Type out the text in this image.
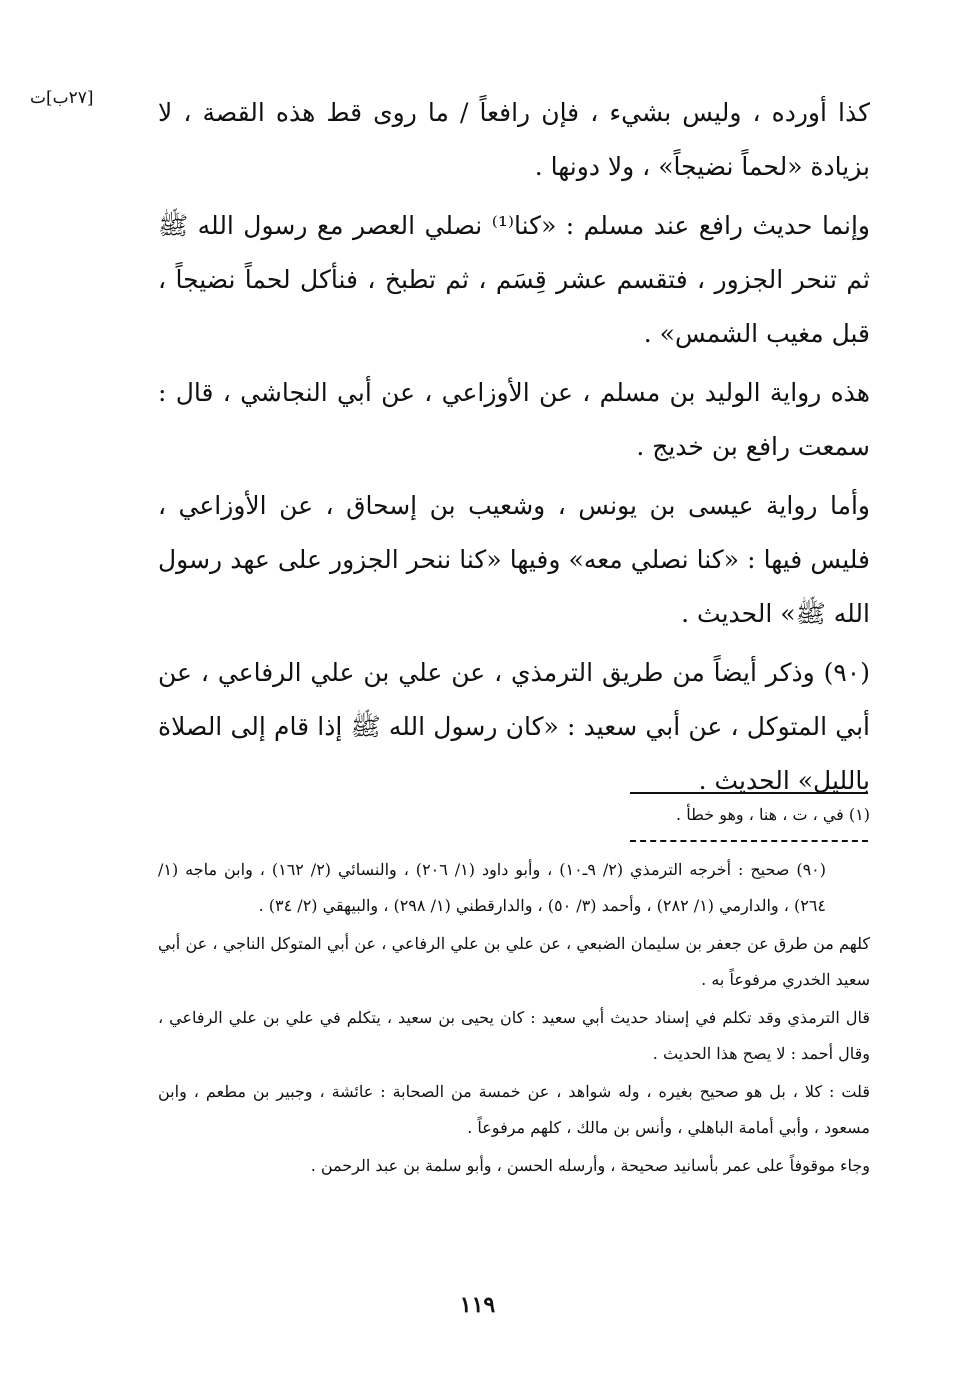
[٢٧ب]ت	كذا أورده ، وليس بشيء ، فإن رافعاً / ما روى قط هذه القصة ، لا بزيادة «لحماً نضيجاً» ، ولا دونها .

وإنما حديث رافع عند مسلم : «كنا⁽¹⁾ نصلي العصر مع رسول الله ﷺ ثم تنحر الجزور ، فتقسم عشر قِسَم ، ثم تطبخ ، فنأكل لحماً نضيجاً ، قبل مغيب الشمس» .

هذه رواية الوليد بن مسلم ، عن الأوزاعي ، عن أبي النجاشي ، قال : سمعت رافع بن خديج .

وأما رواية عيسى بن يونس ، وشعيب بن إسحاق ، عن الأوزاعي ، فليس فيها : «كنا نصلي معه» وفيها «كنا ننحر الجزور على عهد رسول الله ﷺ» الحديث .

(٩٠) وذكر أيضاً من طريق الترمذي ، عن علي بن علي الرفاعي ، عن أبي المتوكل ، عن أبي سعيد : «كان رسول الله ﷺ إذا قام إلى الصلاة بالليل» الحديث .

(١) في ، ت ، هنا ، وهو خطأ .

(٩٠) صحيح : أخرجه الترمذي (٢/ ٩ـ١٠) ، وأبو داود (١/ ٢٠٦) ، والنسائي (٢/ ١٦٢) ، وابن ماجه (١/ ٢٦٤) ، والدارمي (١/ ٢٨٢) ، وأحمد (٣/ ٥٠) ، والدارقطني (١/ ٢٩٨) ، والبيهقي (٢/ ٣٤) .

كلهم من طرق عن جعفر بن سليمان الضبعي ، عن علي بن علي الرفاعي ، عن أبي المتوكل الناجي ، عن أبي سعيد الخدري مرفوعاً به .

قال الترمذي وقد تكلم في إسناد حديث أبي سعيد : كان يحيى بن سعيد ، يتكلم في علي بن علي الرفاعي ، وقال أحمد : لا يصح هذا الحديث .

قلت : كلا ، بل هو صحيح بغيره ، وله شواهد ، عن خمسة من الصحابة : عائشة ، وجبير بن مطعم ، وابن مسعود ، وأبي أمامة الباهلي ، وأنس بن مالك ، كلهم مرفوعاً .

وجاء موقوفاً على عمر بأسانيد صحيحة ، وأرسله الحسن ، وأبو سلمة بن عبد الرحمن .

١١٩
